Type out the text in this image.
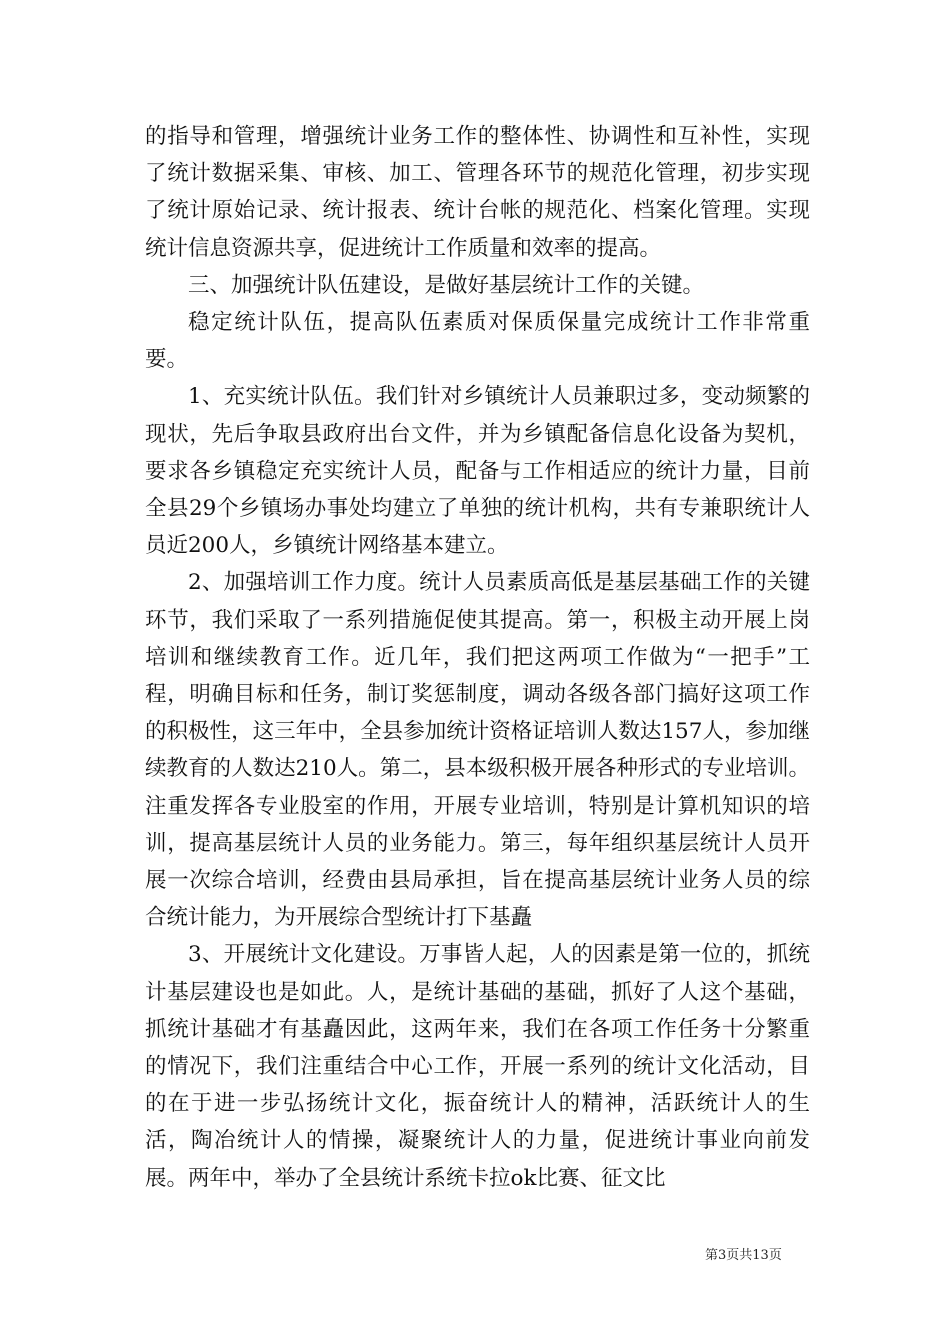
的指导和管理，增强统计业务工作的整体性、协调性和互补性，实现了统计数据采集、审核、加工、管理各环节的规范化管理，初步实现了统计原始记录、统计报表、统计台帐的规范化、档案化管理。实现统计信息资源共享，促进统计工作质量和效率的提高。

三、加强统计队伍建设，是做好基层统计工作的关键。

稳定统计队伍，提高队伍素质对保质保量完成统计工作非常重要。

1、充实统计队伍。我们针对乡镇统计人员兼职过多，变动频繁的现状，先后争取县政府出台文件，并为乡镇配备信息化设备为契机，要求各乡镇稳定充实统计人员，配备与工作相适应的统计力量，目前全县29个乡镇场办事处均建立了单独的统计机构，共有专兼职统计人员近200人，乡镇统计网络基本建立。

2、加强培训工作力度。统计人员素质高低是基层基础工作的关键环节，我们采取了一系列措施促使其提高。第一，积极主动开展上岗培训和继续教育工作。近几年，我们把这两项工作做为“一把手”工程，明确目标和任务，制订奖惩制度，调动各级各部门搞好这项工作的积极性，这三年中，全县参加统计资格证培训人数达157人，参加继续教育的人数达210人。第二，县本级积极开展各种形式的专业培训。注重发挥各专业股室的作用，开展专业培训，特别是计算机知识的培训，提高基层统计人员的业务能力。第三，每年组织基层统计人员开展一次综合培训，经费由县局承担，旨在提高基层统计业务人员的综合统计能力，为开展综合型统计打下基矗

3、开展统计文化建设。万事皆人起，人的因素是第一位的，抓统计基层建设也是如此。人，是统计基础的基础，抓好了人这个基础，抓统计基础才有基矗因此，这两年来，我们在各项工作任务十分繁重的情况下，我们注重结合中心工作，开展一系列的统计文化活动，目的在于进一步弘扬统计文化，振奋统计人的精神，活跃统计人的生活，陶冶统计人的情操，凝聚统计人的力量，促进统计事业向前发展。两年中，举办了全县统计系统卡拉ok比赛、征文比

第3页共13页
